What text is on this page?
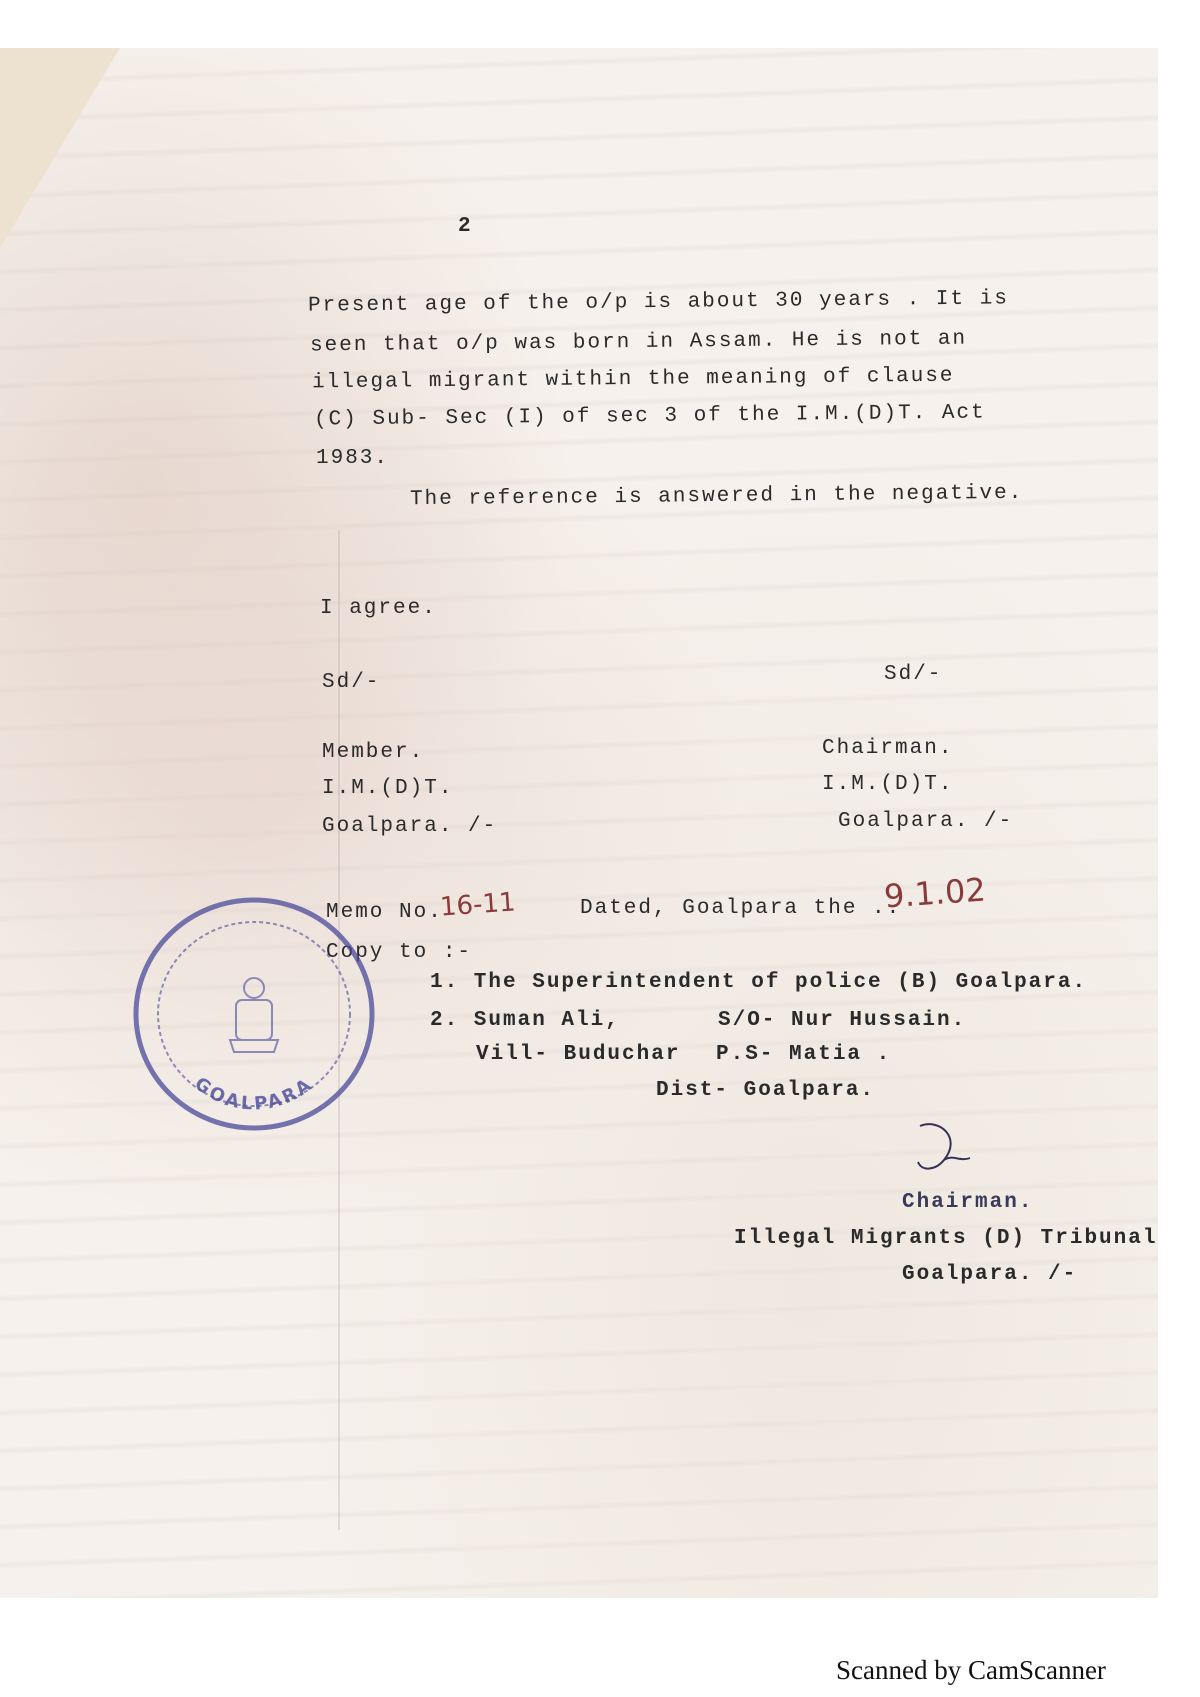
2
Present age of the o/p is about 30 years . It is
seen that o/p was born in Assam. He is not an
illegal migrant within the meaning of clause
(C) Sub- Sec (I) of sec 3 of the I.M.(D)T. Act
1983.
The reference is answered in the negative.
I agree.
Sd/-
Member.
I.M.(D)T.
Goalpara. /-
Sd/-
Chairman.
I.M.(D)T.
Goalpara. /-
Memo No.
16-11	Dated, Goalpara the ..
9.1.02
Copy to :-
1. The Superintendent of police (B) Goalpara.
2. Suman Ali,	S/O- Nur Hussain.
Vill- Buduchar P.S- Matia .
Dist- Goalpara.
Chairman.
Illegal Migrants (D) Tribunal
Goalpara. /-
GOALPARA
Scanned by CamScanner
